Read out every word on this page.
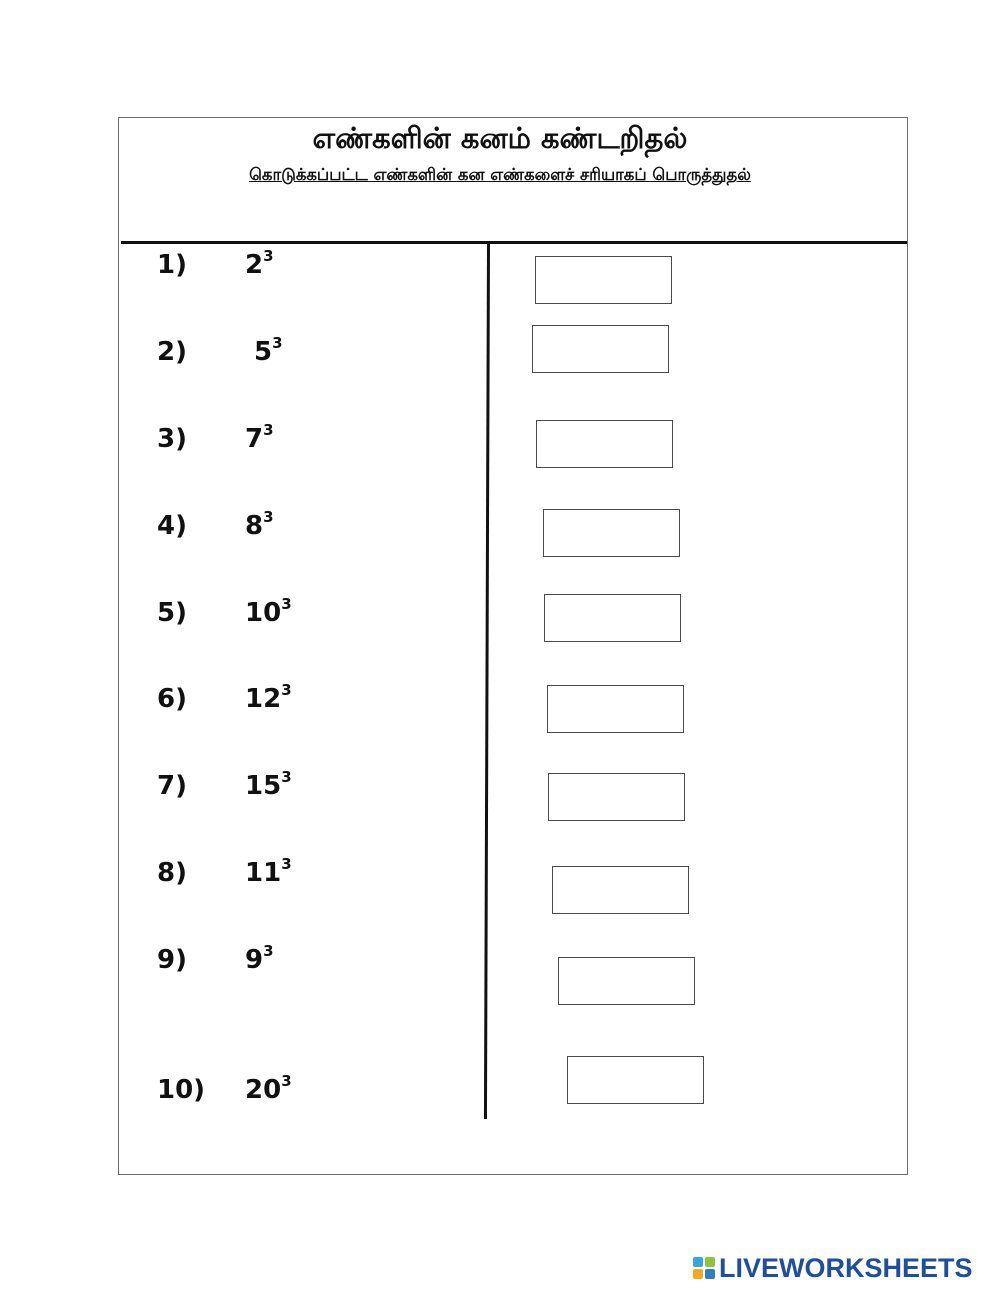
எண்களின் கனம் கண்டறிதல்
கொடுக்கப்பட்ட எண்களின் கன எண்களைச் சரியாகப் பொருத்துதல்
1) $2^3$
2)	$5^3$
3) $7^3$
4) $8^3$
5) $10^3$
6) $12^3$
7) $15^3$
8) $11^3$
9) $9^3$
10) $20^3$
LIVEWORKSHEETS
